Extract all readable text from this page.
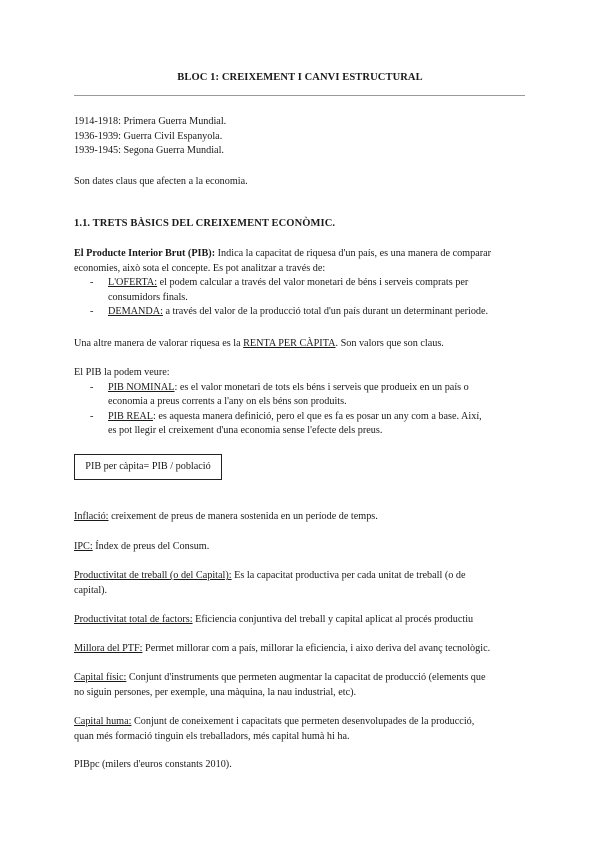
BLOC 1: CREIXEMENT I CANVI ESTRUCTURAL
1914-1918: Primera Guerra Mundial.
1936-1939: Guerra Civil Espanyola.
1939-1945: Segona Guerra Mundial.
Son dates claus que afecten a la economia.
1.1. TRETS BÀSICS DEL CREIXEMENT ECONÒMIC.
El Producte Interior Brut (PIB): Indica la capacitat de riquesa d'un país, es una manera de comparar
economies, això sota el concepte. Es pot analitzar a través de:
- L'OFERTA: el podem calcular a través del valor monetari de béns i serveis comprats per
consumidors finals.
- DEMANDA: a través del valor de la producció total d'un país durant un determinant periode.
Una altre manera de valorar riquesa es la RENTA PER CÀPITA. Son valors que son claus.
El PIB la podem veure:
- PIB NOMINAL: es el valor monetari de tots els béns i serveis que produeix en un país o
economia a preus corrents a l'any on els béns son produits.
- PIB REAL: es aquesta manera definició, pero el que es fa es posar un any com a base. Així,
es pot llegir el creixement d'una economia sense l'efecte dels preus.
PIB per càpita= PIB / població
Inflació: creixement de preus de manera sostenida en un període de temps.
IPC: Índex de preus del Consum.
Productivitat de treball (o del Capital): Es la capacitat productiva per cada unitat de treball (o de
capital).
Productivitat total de factors: Eficiencia conjuntiva del treball y capital aplicat al procés productiu
Millora del PTF: Permet millorar com a país, millorar la eficiencia, i aixo deriva del avanç tecnològic.
Capital físic: Conjunt d'instruments que permeten augmentar la capacitat de producció (elements que
no siguin persones, per exemple, una màquina, la nau industrial, etc).
Capital huma: Conjunt de coneixement i capacitats que permeten desenvolupades de la producció,
quan més formació tinguin els treballadors, més capital humà hi ha.
PIBpc (milers d'euros constants 2010).
